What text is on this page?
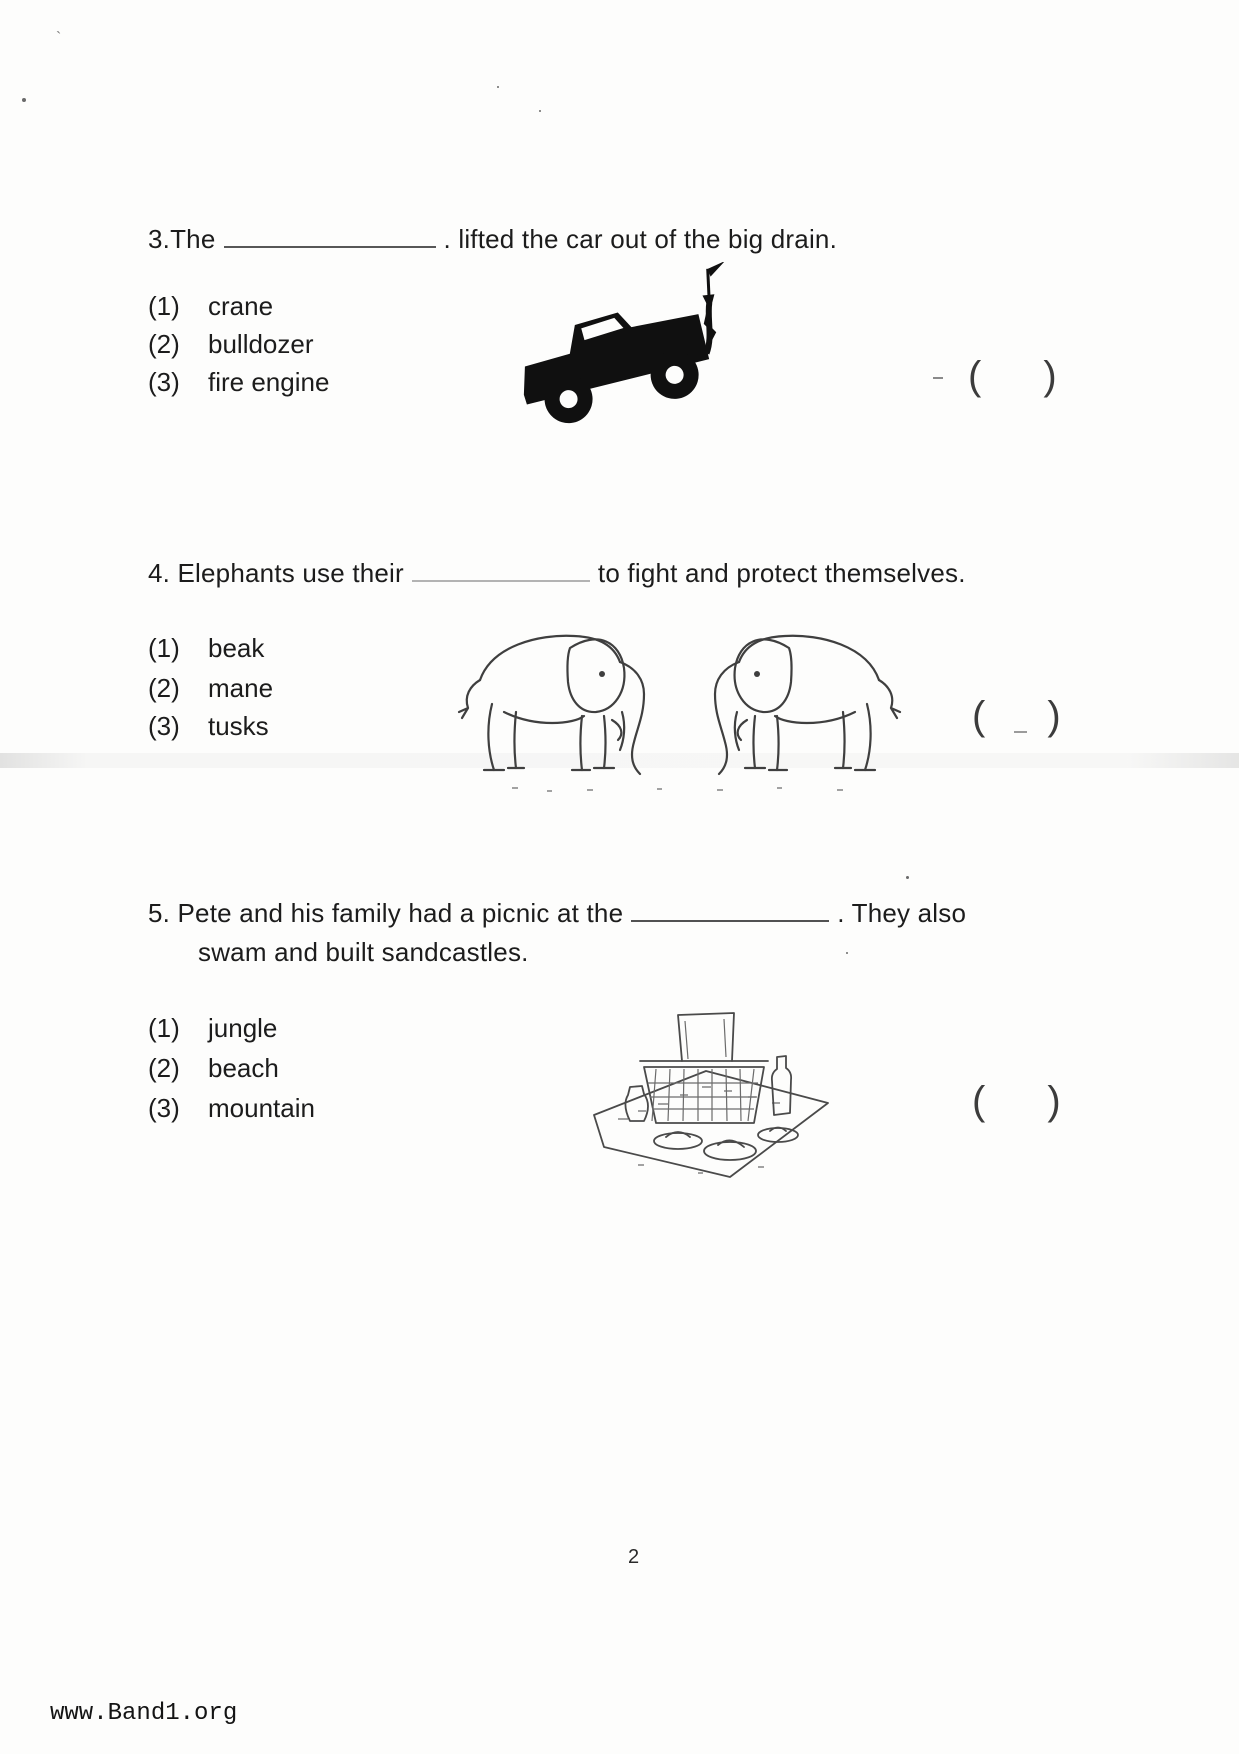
`
3.The	. lifted the car out of the big drain.
(1)	crane
(2)	bulldozer
(3)	fire engine	( )
4. Elephants use their	to fight and protect themselves.
(1)	beak
(2)	mane
(3)	tusks	( )
5. Pete and his family had a picnic at the	. They also
swam and built sandcastles.
(1)	jungle
(2)	beach
(3)	mountain	( )
2
www.Band1.org
